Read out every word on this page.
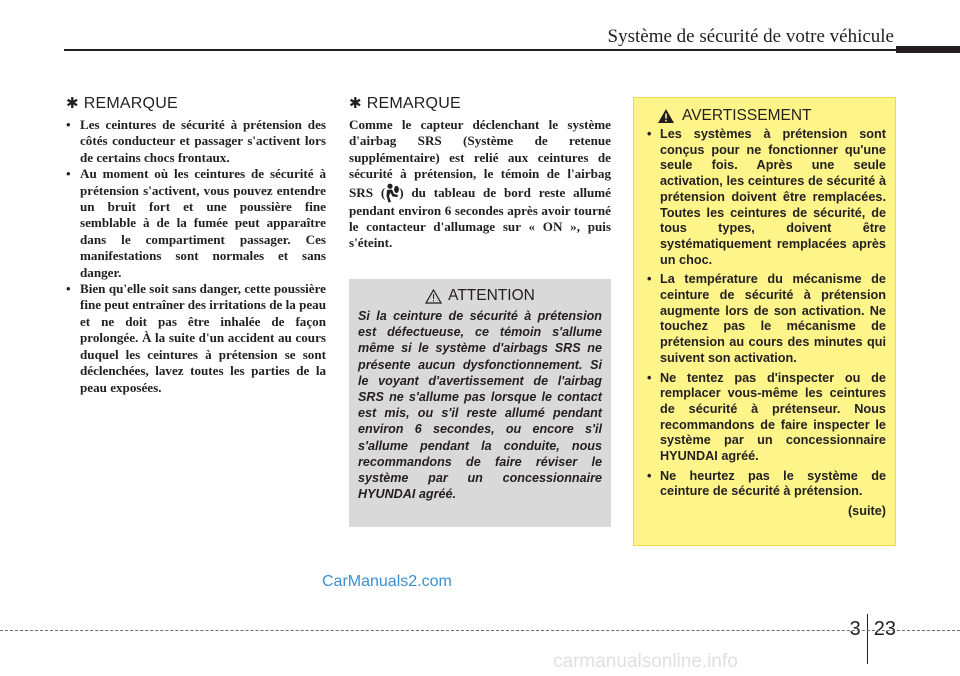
Système de sécurité de votre véhicule
✱ REMARQUE
• Les ceintures de sécurité à prétension des côtés conducteur et passager s'activent lors de certains chocs frontaux.
• Au moment où les ceintures de sécurité à prétension s'activent, vous pouvez entendre un bruit fort et une poussière fine semblable à de la fumée peut apparaître dans le compartiment passager. Ces manifestations sont normales et sans danger.
• Bien qu'elle soit sans danger, cette poussière fine peut entraîner des irritations de la peau et ne doit pas être inhalée de façon prolongée. À la suite d'un accident au cours duquel les ceintures à prétension se sont déclenchées, lavez toutes les parties de la peau exposées.
✱ REMARQUE

Comme le capteur déclenchant le système d'airbag SRS (Système de retenue supplémentaire) est relié aux ceintures de sécurité à prétension, le témoin de l'airbag SRS ( ) du tableau de bord reste allumé pendant environ 6 secondes après avoir tourné le contacteur d'allumage sur « ON », puis s'éteint.

ATTENTION

Si la ceinture de sécurité à prétension est défectueuse, ce témoin s'allume même si le système d'airbags SRS ne présente aucun dysfonctionnement. Si le voyant d'avertissement de l'airbag SRS ne s'allume pas lorsque le contact est mis, ou s'il reste allumé pendant environ 6 secondes, ou encore s'il s'allume pendant la conduite, nous recommandons de faire réviser le système par un concessionnaire HYUNDAI agréé.

AVERTISSEMENT
• Les systèmes à prétension sont conçus pour ne fonctionner qu'une seule fois. Après une seule activation, les ceintures de sécurité à prétension doivent être remplacées. Toutes les ceintures de sécurité, de tous types, doivent être systématiquement remplacées après un choc.
• La température du mécanisme de ceinture de sécurité à prétension augmente lors de son activation. Ne touchez pas le mécanisme de prétension au cours des minutes qui suivent son activation.
• Ne tentez pas d'inspecter ou de remplacer vous-même les ceintures de sécurité à prétenseur. Nous recommandons de faire inspecter le système par un concessionnaire HYUNDAI agréé.
• Ne heurtez pas le système de ceinture de sécurité à prétension.
(suite)
CarManuals2.com
3 23
carmanualsonline.info
